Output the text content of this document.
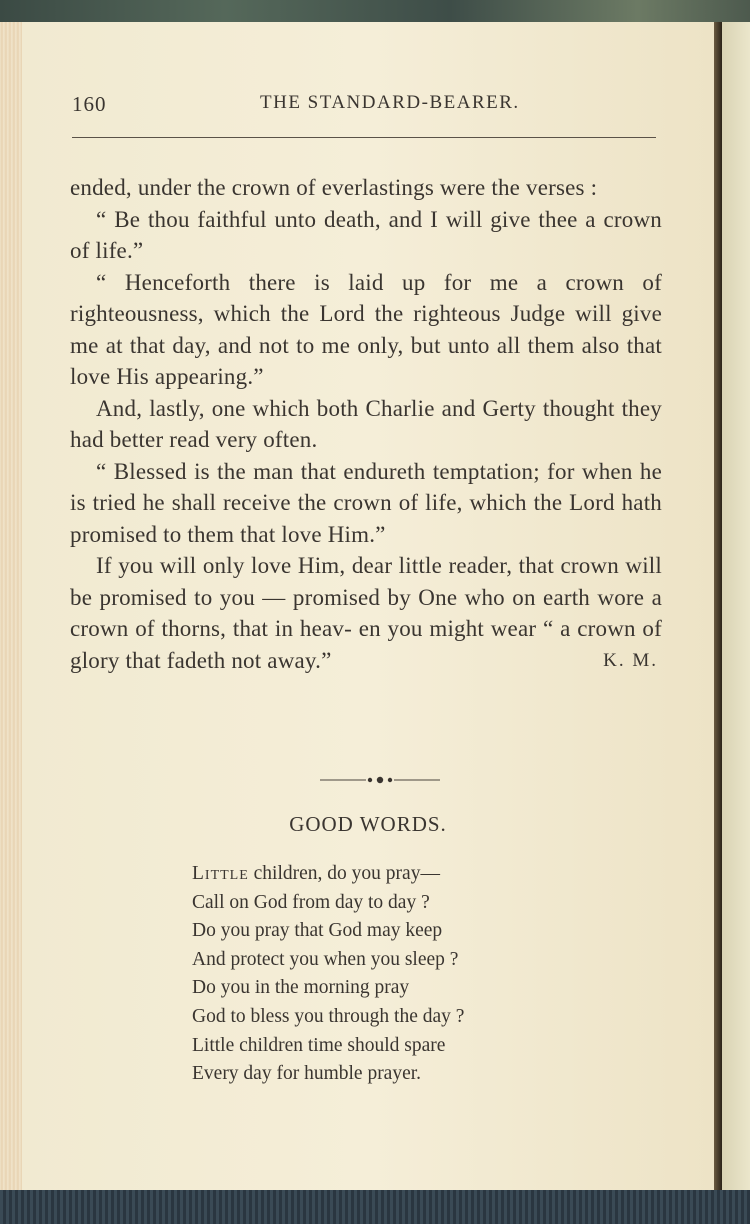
160	THE STANDARD-BEARER.

ended, under the crown of everlastings were the verses :

“ Be thou faithful unto death, and I will give thee a crown of life.”

“ Henceforth there is laid up for me a crown of righteousness, which the Lord the righteous Judge will give me at that day, and not to me only, but unto all them also that love His appearing.”

And, lastly, one which both Charlie and Gerty thought they had better read very often.

“ Blessed is the man that endureth temptation; for when he is tried he shall receive the crown of life, which the Lord hath promised to them that love Him.”

If you will only love Him, dear little reader, that crown will be promised to you — promised by One who on earth wore a crown of thorns, that in heav- en you might wear “ a crown of glory that fadeth not away.”	K. M.

GOOD WORDS.
Little children, do you pray—
Call on God from day to day ?
Do you pray that God may keep
And protect you when you sleep ?
Do you in the morning pray
God to bless you through the day ?
Little children time should spare
Every day for humble prayer.
